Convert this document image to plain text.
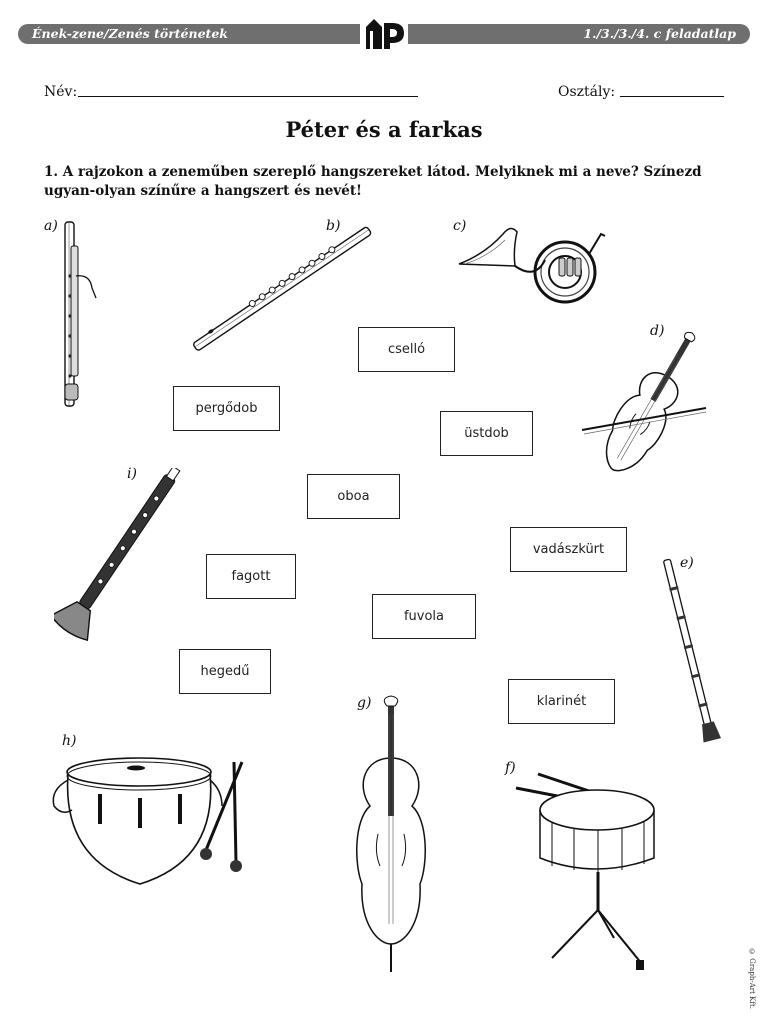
Ének-zene/Zenés történetek	1./3./3./4. c feladatlap
Név:	Osztály:
Péter és a farkas
1. A rajzokon a zeneműben szereplő hangszereket látod. Melyiknek mi a neve? Színezd ugyan-olyan színűre a hangszert és nevét!
a)	b)	c)
d)
e)
f)
g)
h)
i)
cselló
pergődob
üstdob
oboa
vadászkürt
fagott
fuvola
hegedű
klarinét
© Graph-Art Kft.
